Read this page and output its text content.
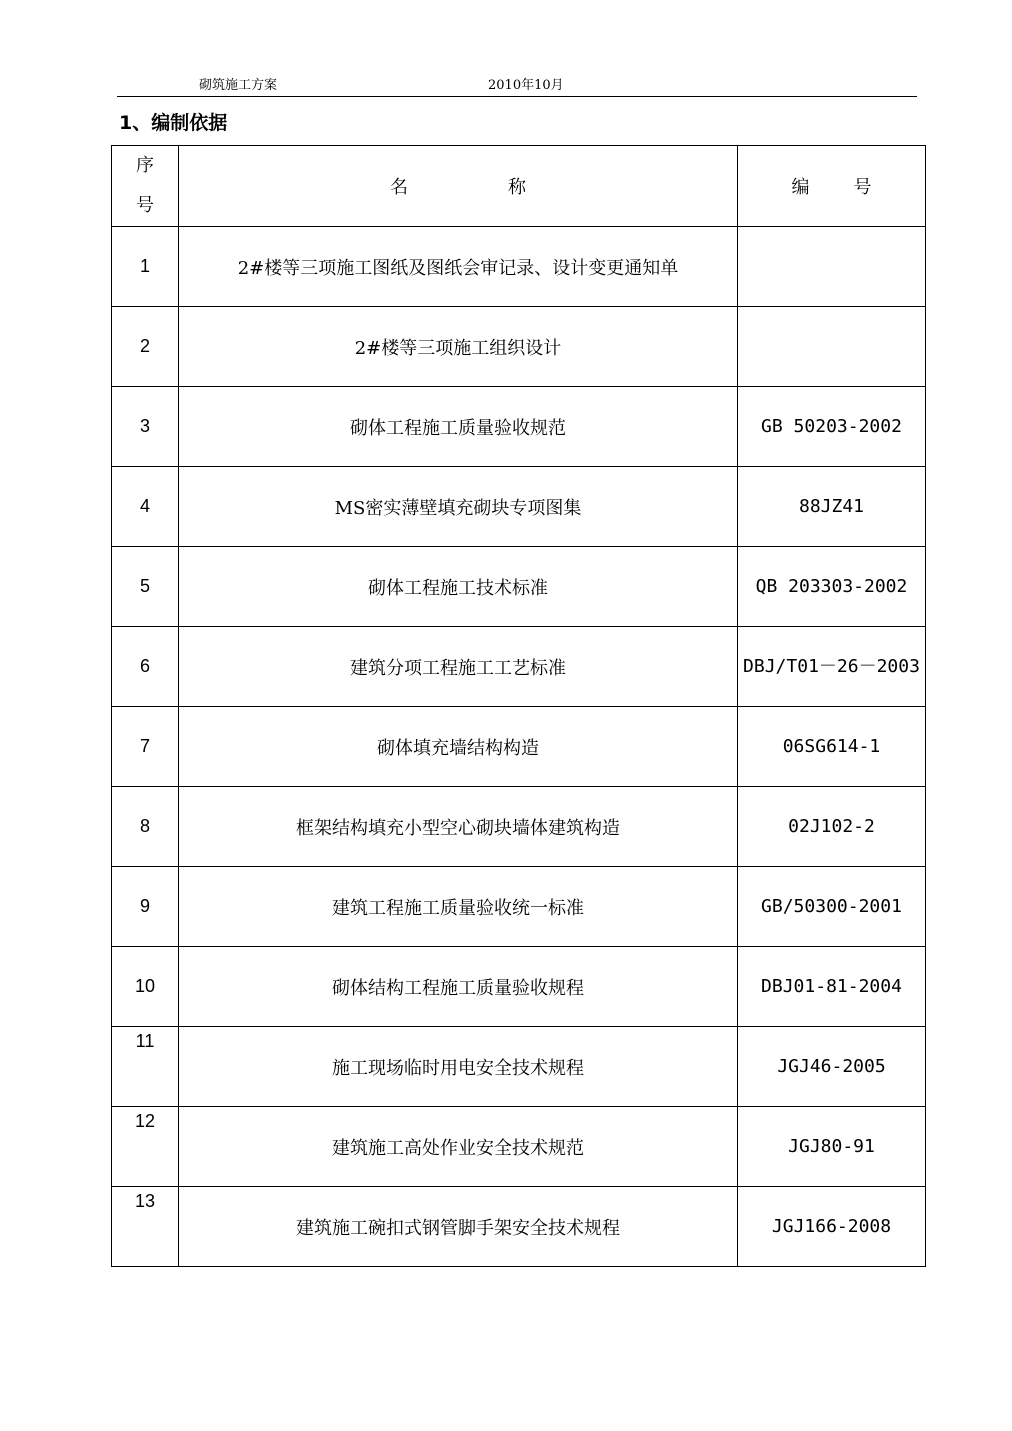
砌筑施工方案	2010年10月
1、编制依据
序
号	名 称	编 号
1	2#楼等三项施工图纸及图纸会审记录、设计变更通知单	
2	2#楼等三项施工组织设计	
3	砌体工程施工质量验收规范	GB 50203-2002
4	MS密实薄壁填充砌块专项图集	88JZ41
5	砌体工程施工技术标准	QB 203303-2002
6	建筑分项工程施工工艺标准	DBJ/T01－26－2003
7	砌体填充墙结构构造	06SG614-1
8	框架结构填充小型空心砌块墙体建筑构造	02J102-2
9	建筑工程施工质量验收统一标准	GB/50300-2001
10	砌体结构工程施工质量验收规程	DBJ01-81-2004
11	施工现场临时用电安全技术规程	JGJ46-2005
12	建筑施工高处作业安全技术规范	JGJ80-91
13	建筑施工碗扣式钢管脚手架安全技术规程	JGJ166-2008
